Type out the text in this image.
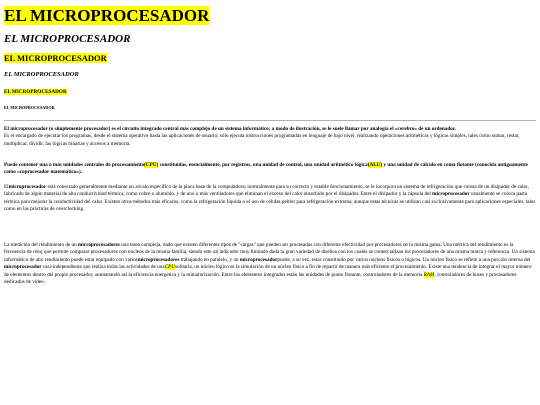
EL MICROPROCESADOR
EL MICROPROCESADOR
EL MICROPROCESADOR
EL MICROPROCESADOR
EL MICROPROCESADOR
EL MICROPROCESADOR

El microprocesador (o simplemente procesador) es el circuito integrado central más complejo de un sistema informático; a modo de ilustración, se le suele llamar por analogía el «cerebro» de un ordenador.
Es el encargado de ejecutar los programas, desde el sistema operativo hasta las aplicaciones de usuario; sólo ejecuta instrucciones programadas en lenguaje de bajo nivel, realizando operaciones aritméticas y lógicas simples, tales como sumar, restar, multiplicar, dividir, las lógicas binarias y accesos a memoria.

Puede contener una o más unidades centrales de procesamiento(CPU) constituidas, esencialmente, por registros, una unidad de control, una unidad aritmético lógica(ALU) y una unidad de cálculo en coma flotante (conocida antiguamente como «coprocesador matemático»).

Elmicroprocesador está conectado generalmente mediante un zócalo específico de la placa base de la computadora; normalmente para su correcto y estable funcionamiento, se le incorpora un sistema de refrigeración que consta de un disipador de calor, fabricado de algún material de alta conductividad térmica, como cobre o aluminio, y de uno o más ventiladores que eliminan el exceso del calor absorbido por el disipador. Entre el disipador y la cápsula del microprocesador usualmente se coloca pasta térmica para mejorar la conductividad del calor. Existen otros métodos más eficaces, como la refrigeración líquida o el uso de células peltier para refrigeración extrema, aunque estas técnicas se utilizan casi exclusivamente para aplicaciones especiales, tales como en las prácticas de overclocking.

La medición del rendimiento de un microprocesadores una tarea compleja, dado que existen diferentes tipos de "cargas" que pueden ser procesadas con diferente efectividad por procesadores de la misma gama. Una métrica del rendimiento es la frecuencia de reloj que permite comparar procesadores con núcleos de la misma familia, siendo este un indicador muy limitado dada la gran variedad de diseños con los cuales se comercializan los procesadores de una misma marca y referencia. Un sistema informático de alto rendimiento puede estar equipado con variosmicroprocesadores trabajando en paralelo, y un microprocesadorpuede, a su vez, estar constituido por varios núcleos físicos o lógicos. Un núcleo físico se refiere a una porción interna del microprocesador casi-independiente que realiza todas las actividades de unaCPUsolitaria, un núcleo lógico es la simulación de un núcleo físico a fin de repartir de manera más eficiente el procesamiento. Existe una tendencia de integrar el mayor número de elementos dentro del propio procesador, aumentando así la eficiencia energética y la miniaturización. Entre los elementos integrados están las unidades de punto flotante, controladores de la memoria RAM, controladores de buses y procesadores dedicados de vídeo.
